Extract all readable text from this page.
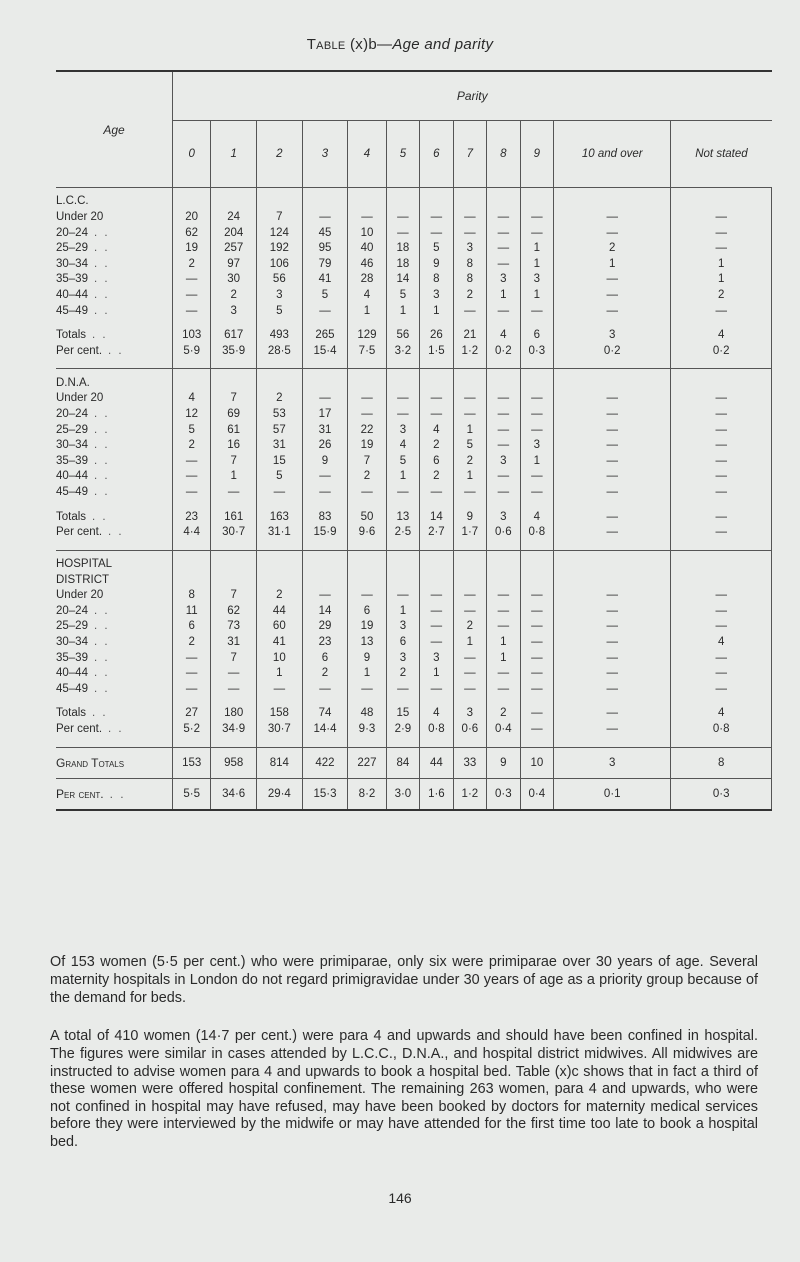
Table (x)b—Age and parity

Age	Parity											
	0	1	2	3	4	5	6	7	8	9	10 and over	Not stated
L.C.C.												
Under 20	20	24	7	—	—	—	—	—	—	—	—	—
20–24 . .	62	204	124	45	10	—	—	—	—	—	—	—
25–29 . .	19	257	192	95	40	18	5	3	—	1	2	—
30–34 . .	2	97	106	79	46	18	9	8	—	1	1	1
35–39 . .	—	30	56	41	28	14	8	8	3	3	—	1
40–44 . .	—	2	3	5	4	5	3	2	1	1	—	2
45–49 . .	—	3	5	—	1	1	1	—	—	—	—	—

Totals . .	103	617	493	265	129	56	26	21	4	6	3	4
Per cent. . .	5·9	35·9	28·5	15·4	7·5	3·2	1·5	1·2	0·2	0·3	0·2	0·2

D.N.A.												
Under 20	4	7	2	—	—	—	—	—	—	—	—	—
20–24 . .	12	69	53	17	—	—	—	—	—	—	—	—
25–29 . .	5	61	57	31	22	3	4	1	—	—	—	—
30–34 . .	2	16	31	26	19	4	2	5	—	3	—	—
35–39 . .	—	7	15	9	7	5	6	2	3	1	—	—
40–44 . .	—	1	5	—	2	1	2	1	—	—	—	—
45–49 . .	—	—	—	—	—	—	—	—	—	—	—	—

Totals . .	23	161	163	83	50	13	14	9	3	4	—	—
Per cent. . .	4·4	30·7	31·1	15·9	9·6	2·5	2·7	1·7	0·6	0·8	—	—

HOSPITAL												
DISTRICT												
Under 20	8	7	2	—	—	—	—	—	—	—	—	—
20–24 . .	11	62	44	14	6	1	—	—	—	—	—	—
25–29 . .	6	73	60	29	19	3	—	2	—	—	—	—
30–34 . .	2	31	41	23	13	6	—	1	1	—	—	4
35–39 . .	—	7	10	6	9	3	3	—	1	—	—	—
40–44 . .	—	—	1	2	1	2	1	—	—	—	—	—
45–49 . .	—	—	—	—	—	—	—	—	—	—	—	—

Totals . .	27	180	158	74	48	15	4	3	2	—	—	4
Per cent. . .	5·2	34·9	30·7	14·4	9·3	2·9	0·8	0·6	0·4	—	—	0·8

Grand Totals	153	958	814	422	227	84	44	33	9	10	3	8

Per cent. . .	5·5	34·6	29·4	15·3	8·2	3·0	1·6	1·2	0·3	0·4	0·1	0·3

Of 153 women (5·5 per cent.) who were primiparae, only six were primiparae over 30 years of age. Several maternity hospitals in London do not regard primigravidae under 30 years of age as a priority group because of the demand for beds.

A total of 410 women (14·7 per cent.) were para 4 and upwards and should have been confined in hospital. The figures were similar in cases attended by L.C.C., D.N.A., and hospital district midwives. All midwives are instructed to advise women para 4 and upwards to book a hospital bed. Table (x)c shows that in fact a third of these women were offered hospital confinement. The remaining 263 women, para 4 and upwards, who were not confined in hospital may have refused, may have been booked by doctors for maternity medical services before they were interviewed by the midwife or may have attended for the first time too late to book a hospital bed.

146
